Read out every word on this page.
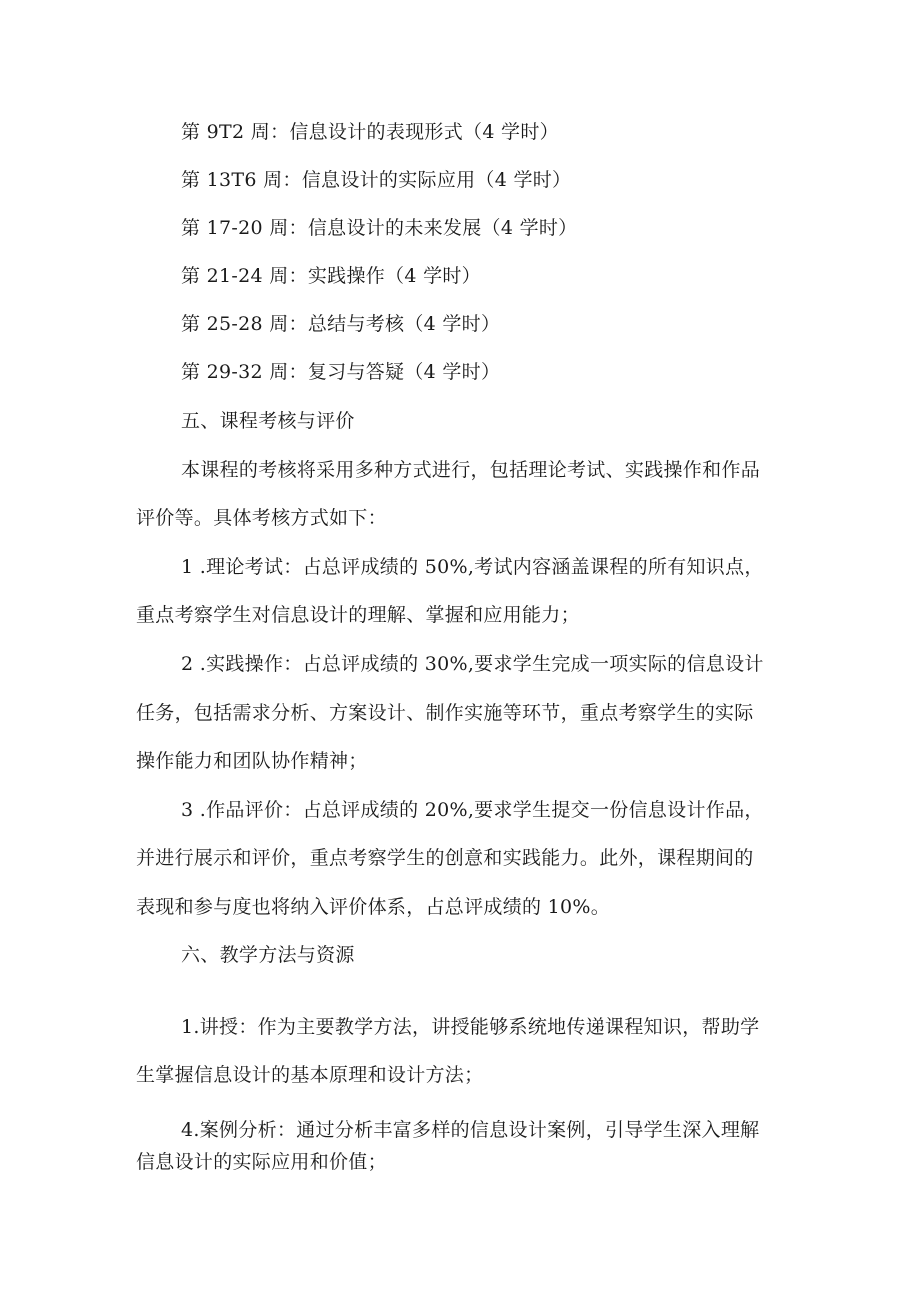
第 9T2 周：信息设计的表现形式（4 学时）
第 13T6 周：信息设计的实际应用（4 学时）
第 17-20 周：信息设计的未来发展（4 学时）
第 21-24 周：实践操作（4 学时）
第 25-28 周：总结与考核（4 学时）
第 29-32 周：复习与答疑（4 学时）
五、课程考核与评价
本课程的考核将采用多种方式进行，包括理论考试、实践操作和作品
评价等。具体考核方式如下：
1 .理论考试：占总评成绩的 50%,考试内容涵盖课程的所有知识点，
重点考察学生对信息设计的理解、掌握和应用能力；
2 .实践操作：占总评成绩的 30%,要求学生完成一项实际的信息设计
任务，包括需求分析、方案设计、制作实施等环节，重点考察学生的实际
操作能力和团队协作精神；
3 .作品评价：占总评成绩的 20%,要求学生提交一份信息设计作品，
并进行展示和评价，重点考察学生的创意和实践能力。此外，课程期间的
表现和参与度也将纳入评价体系，占总评成绩的 10%。
六、教学方法与资源
1.讲授：作为主要教学方法，讲授能够系统地传递课程知识，帮助学
生掌握信息设计的基本原理和设计方法；
4.案例分析：通过分析丰富多样的信息设计案例，引导学生深入理解
信息设计的实际应用和价值；
